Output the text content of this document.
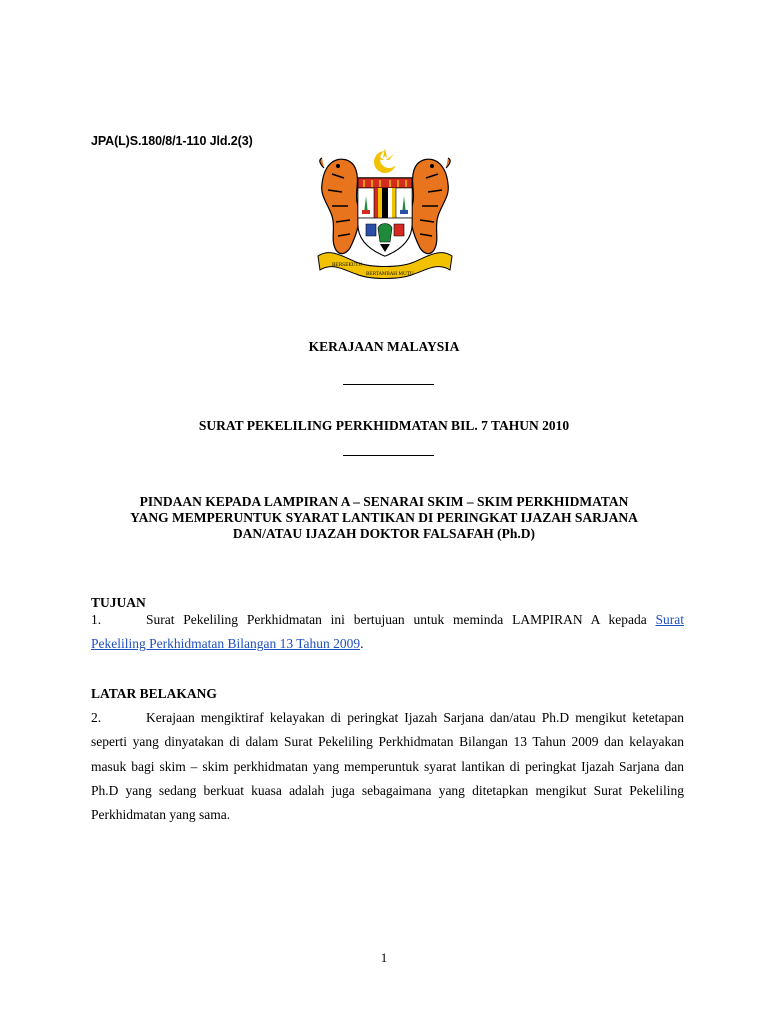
JPA(L)S.180/8/1-110 Jld.2(3)
BERSEKUTU
BERTAMBAH MUTU
KERAJAAN MALAYSIA
SURAT PEKELILING PERKHIDMATAN BIL. 7 TAHUN 2010
PINDAAN KEPADA LAMPIRAN A – SENARAI SKIM – SKIM PERKHIDMATAN
YANG MEMPERUNTUK SYARAT LANTIKAN DI PERINGKAT IJAZAH SARJANA
DAN/ATAU IJAZAH DOKTOR FALSAFAH (Ph.D)
TUJUAN
1.	Surat Pekeliling Perkhidmatan ini bertujuan untuk meminda LAMPIRAN A kepada Surat Pekeliling Perkhidmatan Bilangan 13 Tahun 2009.
LATAR BELAKANG
2.	Kerajaan mengiktiraf kelayakan di peringkat Ijazah Sarjana dan/atau Ph.D mengikut ketetapan seperti yang dinyatakan di dalam Surat Pekeliling Perkhidmatan Bilangan 13 Tahun 2009 dan kelayakan masuk bagi skim – skim perkhidmatan yang memperuntuk syarat lantikan di peringkat Ijazah Sarjana dan Ph.D yang sedang berkuat kuasa adalah juga sebagaimana yang ditetapkan mengikut Surat Pekeliling Perkhidmatan yang sama.
1
